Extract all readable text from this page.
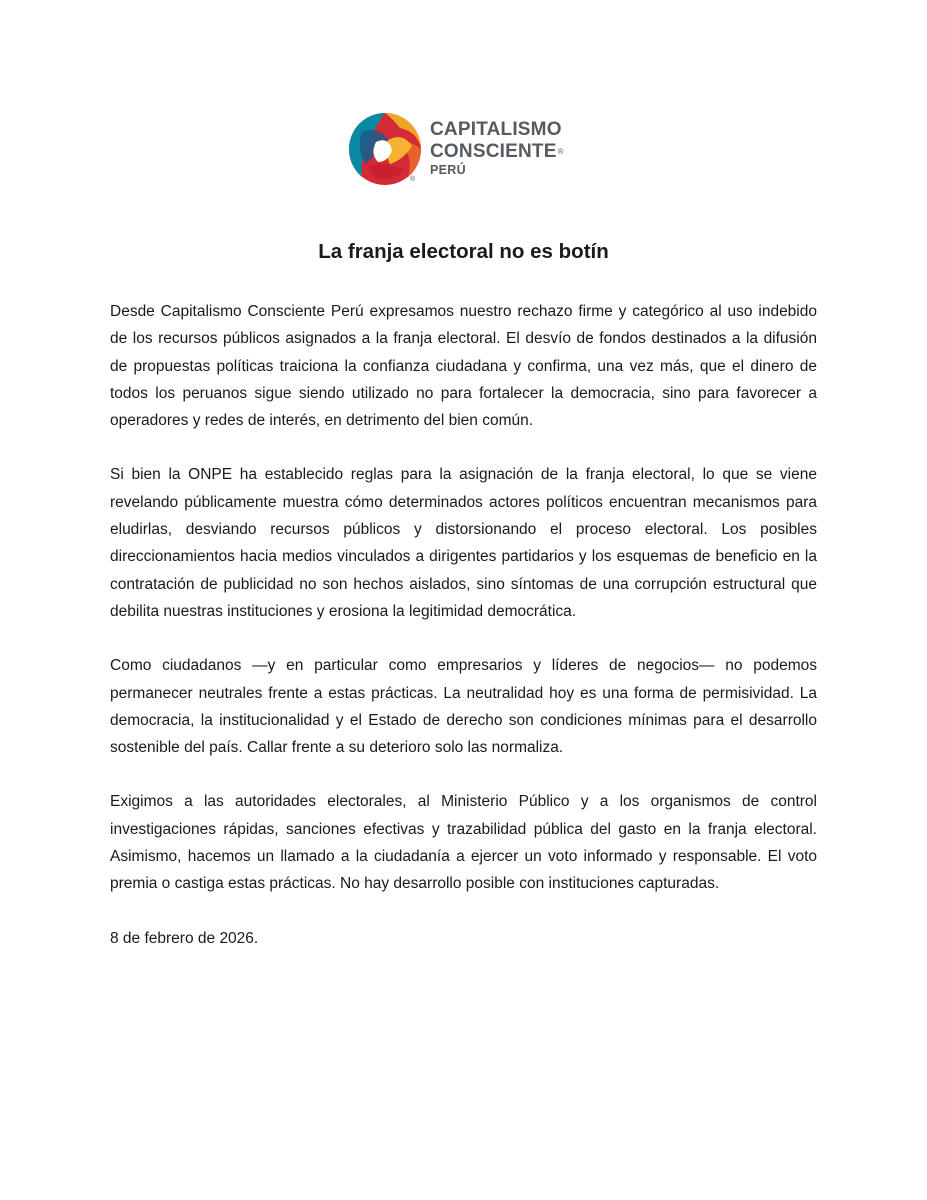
®
CAPITALISMO
CONSCIENTE®
PERÚ
La franja electoral no es botín

Desde Capitalismo Consciente Perú expresamos nuestro rechazo firme y categórico al uso indebido de los recursos públicos asignados a la franja electoral. El desvío de fondos destinados a la difusión de propuestas políticas traiciona la confianza ciudadana y confirma, una vez más, que el dinero de todos los peruanos sigue siendo utilizado no para fortalecer la democracia, sino para favorecer a operadores y redes de interés, en detrimento del bien común.

Si bien la ONPE ha establecido reglas para la asignación de la franja electoral, lo que se viene revelando públicamente muestra cómo determinados actores políticos encuentran mecanismos para eludirlas, desviando recursos públicos y distorsionando el proceso electoral. Los posibles direccionamientos hacia medios vinculados a dirigentes partidarios y los esquemas de beneficio en la contratación de publicidad no son hechos aislados, sino síntomas de una corrupción estructural que debilita nuestras instituciones y erosiona la legitimidad democrática.

Como ciudadanos —y en particular como empresarios y líderes de negocios— no podemos permanecer neutrales frente a estas prácticas. La neutralidad hoy es una forma de permisividad. La democracia, la institucionalidad y el Estado de derecho son condiciones mínimas para el desarrollo sostenible del país. Callar frente a su deterioro solo las normaliza.

Exigimos a las autoridades electorales, al Ministerio Público y a los organismos de control investigaciones rápidas, sanciones efectivas y trazabilidad pública del gasto en la franja electoral. Asimismo, hacemos un llamado a la ciudadanía a ejercer un voto informado y responsable. El voto premia o castiga estas prácticas. No hay desarrollo posible con instituciones capturadas.

8 de febrero de 2026.
